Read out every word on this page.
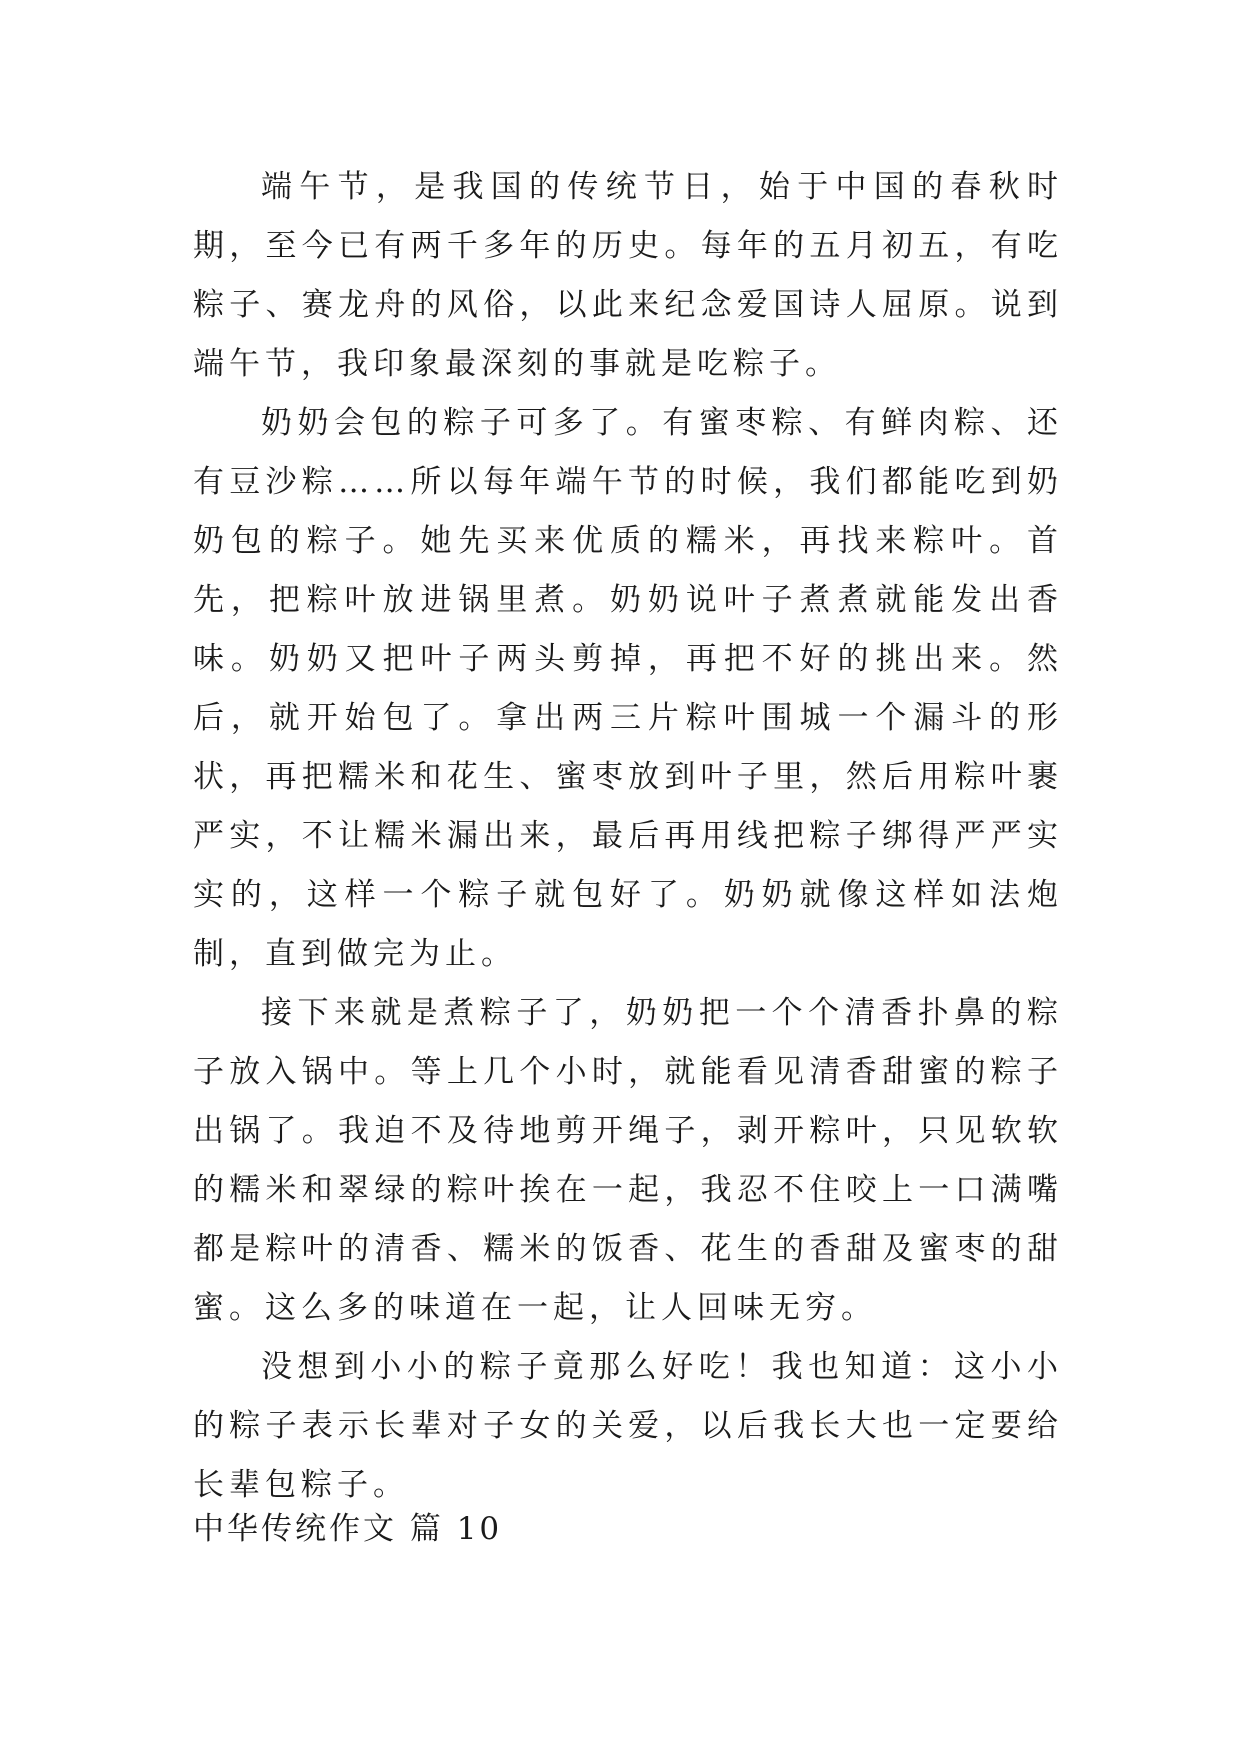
端午节，是我国的传统节日，始于中国的春秋时期，至今已有两千多年的历史。每年的五月初五，有吃粽子、赛龙舟的风俗，以此来纪念爱国诗人屈原。说到端午节，我印象最深刻的事就是吃粽子。

奶奶会包的粽子可多了。有蜜枣粽、有鲜肉粽、还有豆沙粽……所以每年端午节的时候，我们都能吃到奶奶包的粽子。她先买来优质的糯米，再找来粽叶。首先，把粽叶放进锅里煮。奶奶说叶子煮煮就能发出香味。奶奶又把叶子两头剪掉，再把不好的挑出来。然后，就开始包了。拿出两三片粽叶围城一个漏斗的形状，再把糯米和花生、蜜枣放到叶子里，然后用粽叶裹严实，不让糯米漏出来，最后再用线把粽子绑得严严实实的，这样一个粽子就包好了。奶奶就像这样如法炮制，直到做完为止。

接下来就是煮粽子了，奶奶把一个个清香扑鼻的粽子放入锅中。等上几个小时，就能看见清香甜蜜的粽子出锅了。我迫不及待地剪开绳子，剥开粽叶，只见软软的糯米和翠绿的粽叶挨在一起，我忍不住咬上一口满嘴都是粽叶的清香、糯米的饭香、花生的香甜及蜜枣的甜蜜。这么多的味道在一起，让人回味无穷。

没想到小小的粽子竟那么好吃！我也知道：这小小的粽子表示长辈对子女的关爱，以后我长大也一定要给长辈包粽子。

中华传统作文 篇 10
